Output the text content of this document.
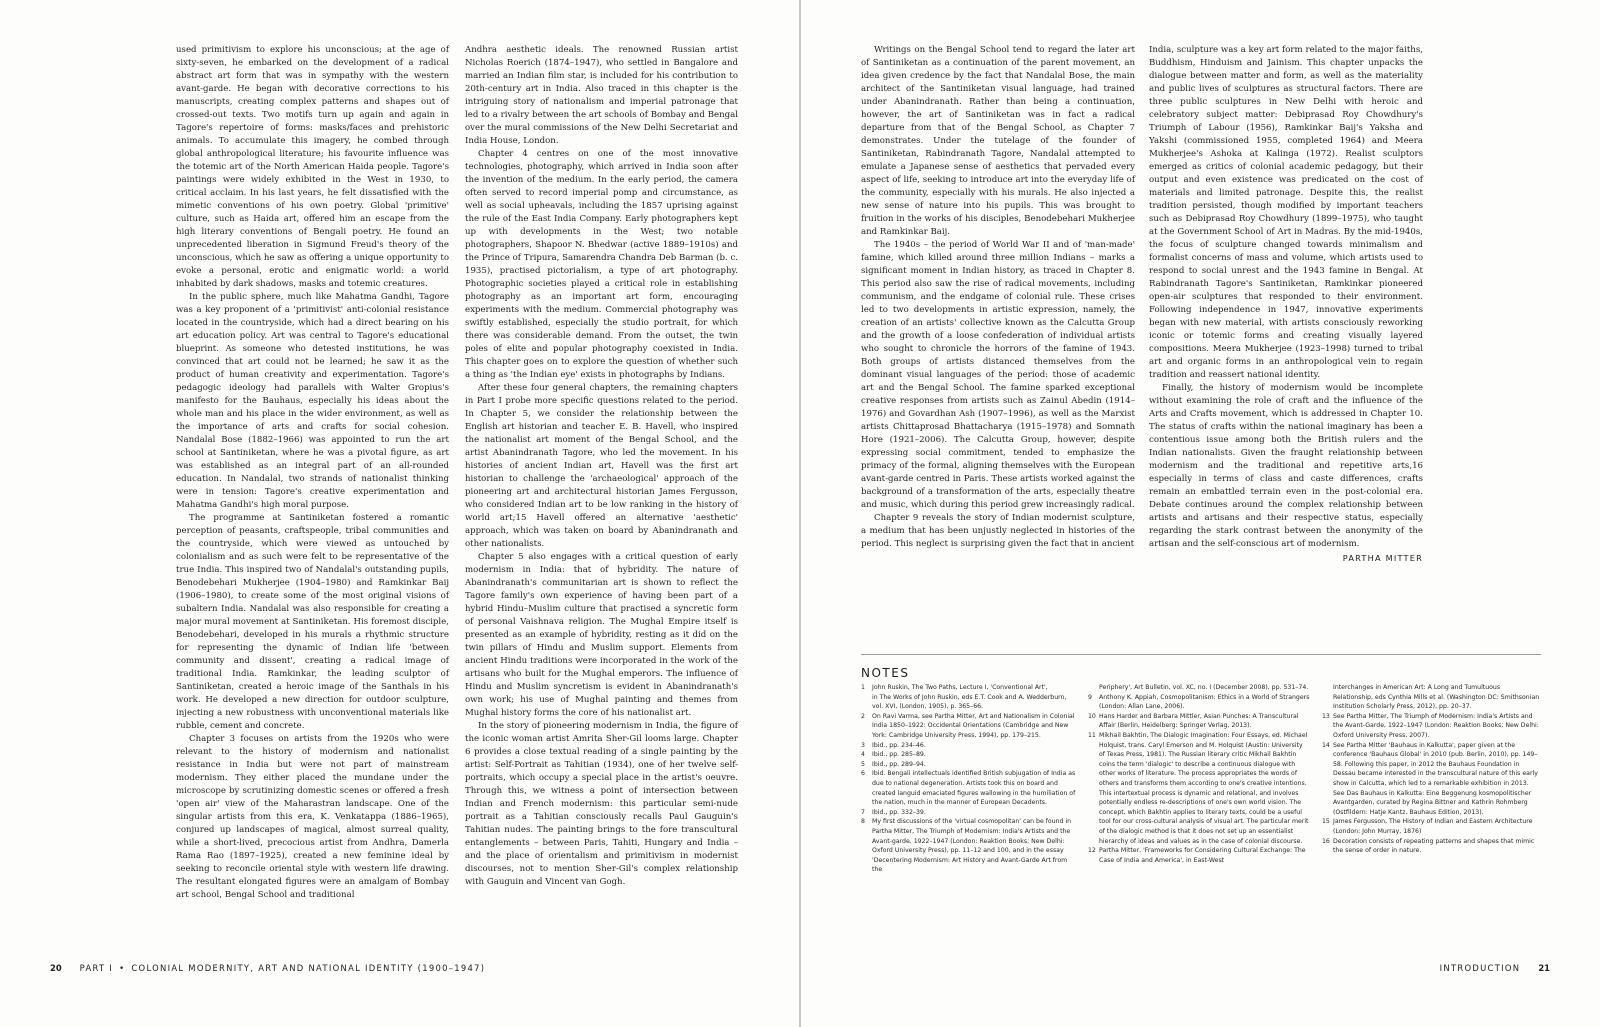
used primitivism to explore his unconscious; at the age of sixty-seven, he embarked on the development of a radical abstract art form that was in sympathy with the western avant-garde. He began with decorative corrections to his manuscripts, creating complex patterns and shapes out of crossed-out texts. Two motifs turn up again and again in Tagore's repertoire of forms: masks/faces and prehistoric animals. To accumulate this imagery, he combed through global anthropological literature; his favourite influence was the totemic art of the North American Haida people. Tagore's paintings were widely exhibited in the West in 1930, to critical acclaim. In his last years, he felt dissatisfied with the mimetic conventions of his own poetry. Global 'primitive' culture, such as Haida art, offered him an escape from the high literary conventions of Bengali poetry. He found an unprecedented liberation in Sigmund Freud's theory of the unconscious, which he saw as offering a unique opportunity to evoke a personal, erotic and enigmatic world: a world inhabited by dark shadows, masks and totemic creatures.

In the public sphere, much like Mahatma Gandhi, Tagore was a key proponent of a 'primitivist' anti-colonial resistance located in the countryside, which had a direct bearing on his art education policy. Art was central to Tagore's educational blueprint. As someone who detested institutions, he was convinced that art could not be learned; he saw it as the product of human creativity and experimentation. Tagore's pedagogic ideology had parallels with Walter Gropius's manifesto for the Bauhaus, especially his ideas about the whole man and his place in the wider environment, as well as the importance of arts and crafts for social cohesion. Nandalal Bose (1882–1966) was appointed to run the art school at Santiniketan, where he was a pivotal figure, as art was established as an integral part of an all-rounded education. In Nandalal, two strands of nationalist thinking were in tension: Tagore's creative experimentation and Mahatma Gandhi's high moral purpose.

The programme at Santiniketan fostered a romantic perception of peasants, craftspeople, tribal communities and the countryside, which were viewed as untouched by colonialism and as such were felt to be representative of the true India. This inspired two of Nandalal's outstanding pupils, Benodebehari Mukherjee (1904–1980) and Ramkinkar Baij (1906–1980), to create some of the most original visions of subaltern India. Nandalal was also responsible for creating a major mural movement at Santiniketan. His foremost disciple, Benodebehari, developed in his murals a rhythmic structure for representing the dynamic of Indian life 'between community and dissent', creating a radical image of traditional India. Ramkinkar, the leading sculptor of Santiniketan, created a heroic image of the Santhals in his work. He developed a new direction for outdoor sculpture, injecting a new robustness with unconventional materials like rubble, cement and concrete.

Chapter 3 focuses on artists from the 1920s who were relevant to the history of modernism and nationalist resistance in India but were not part of mainstream modernism. They either placed the mundane under the microscope by scrutinizing domestic scenes or offered a fresh 'open air' view of the Maharastran landscape. One of the singular artists from this era, K. Venkatappa (1886–1965), conjured up landscapes of magical, almost surreal quality, while a short-lived, precocious artist from Andhra, Damerla Rama Rao (1897–1925), created a new feminine ideal by seeking to reconcile oriental style with western life drawing. The resultant elongated figures were an amalgam of Bombay art school, Bengal School and traditional

Andhra aesthetic ideals. The renowned Russian artist Nicholas Roerich (1874–1947), who settled in Bangalore and married an Indian film star, is included for his contribution to 20th-century art in India. Also traced in this chapter is the intriguing story of nationalism and imperial patronage that led to a rivalry between the art schools of Bombay and Bengal over the mural commissions of the New Delhi Secretariat and India House, London.

Chapter 4 centres on one of the most innovative technologies, photography, which arrived in India soon after the invention of the medium. In the early period, the camera often served to record imperial pomp and circumstance, as well as social upheavals, including the 1857 uprising against the rule of the East India Company. Early photographers kept up with developments in the West; two notable photographers, Shapoor N. Bhedwar (active 1889–1910s) and the Prince of Tripura, Samarendra Chandra Deb Barman (b. c. 1935), practised pictorialism, a type of art photography. Photographic societies played a critical role in establishing photography as an important art form, encouraging experiments with the medium. Commercial photography was swiftly established, especially the studio portrait, for which there was considerable demand. From the outset, the twin poles of elite and popular photography coexisted in India. This chapter goes on to explore the question of whether such a thing as 'the Indian eye' exists in photographs by Indians.

After these four general chapters, the remaining chapters in Part I probe more specific questions related to the period. In Chapter 5, we consider the relationship between the English art historian and teacher E. B. Havell, who inspired the nationalist art moment of the Bengal School, and the artist Abanindranath Tagore, who led the movement. In his histories of ancient Indian art, Havell was the first art historian to challenge the 'archaeological' approach of the pioneering art and architectural historian James Fergusson, who considered Indian art to be low ranking in the history of world art;15 Havell offered an alternative 'aesthetic' approach, which was taken on board by Abanindranath and other nationalists.

Chapter 5 also engages with a critical question of early modernism in India: that of hybridity. The nature of Abanindranath's communitarian art is shown to reflect the Tagore family's own experience of having been part of a hybrid Hindu–Muslim culture that practised a syncretic form of personal Vaishnava religion. The Mughal Empire itself is presented as an example of hybridity, resting as it did on the twin pillars of Hindu and Muslim support. Elements from ancient Hindu traditions were incorporated in the work of the artisans who built for the Mughal emperors. The influence of Hindu and Muslim syncretism is evident in Abanindranath's own work; his use of Mughal painting and themes from Mughal history forms the core of his nationalist art.

In the story of pioneering modernism in India, the figure of the iconic woman artist Amrita Sher-Gil looms large. Chapter 6 provides a close textual reading of a single painting by the artist: Self-Portrait as Tahitian (1934), one of her twelve self-portraits, which occupy a special place in the artist's oeuvre. Through this, we witness a point of intersection between Indian and French modernism: this particular semi-nude portrait as a Tahitian consciously recalls Paul Gauguin's Tahitian nudes. The painting brings to the fore transcultural entanglements – between Paris, Tahiti, Hungary and India – and the place of orientalism and primitivism in modernist discourses, not to mention Sher-Gil's complex relationship with Gauguin and Vincent van Gogh.

20 PART I • COLONIAL MODERNITY, ART AND NATIONAL IDENTITY (1900–1947)

Writings on the Bengal School tend to regard the later art of Santiniketan as a continuation of the parent movement, an idea given credence by the fact that Nandalal Bose, the main architect of the Santiniketan visual language, had trained under Abanindranath. Rather than being a continuation, however, the art of Santiniketan was in fact a radical departure from that of the Bengal School, as Chapter 7 demonstrates. Under the tutelage of the founder of Santiniketan, Rabindranath Tagore, Nandalal attempted to emulate a Japanese sense of aesthetics that pervaded every aspect of life, seeking to introduce art into the everyday life of the community, especially with his murals. He also injected a new sense of nature into his pupils. This was brought to fruition in the works of his disciples, Benodebehari Mukherjee and Ramkinkar Baij.

The 1940s – the period of World War II and of 'man-made' famine, which killed around three million Indians – marks a significant moment in Indian history, as traced in Chapter 8. This period also saw the rise of radical movements, including communism, and the endgame of colonial rule. These crises led to two developments in artistic expression, namely, the creation of an artists' collective known as the Calcutta Group and the growth of a loose confederation of individual artists who sought to chronicle the horrors of the famine of 1943. Both groups of artists distanced themselves from the dominant visual languages of the period: those of academic art and the Bengal School. The famine sparked exceptional creative responses from artists such as Zainul Abedin (1914–1976) and Govardhan Ash (1907–1996), as well as the Marxist artists Chittaprosad Bhattacharya (1915–1978) and Somnath Hore (1921–2006). The Calcutta Group, however, despite expressing social commitment, tended to emphasize the primacy of the formal, aligning themselves with the European avant-garde centred in Paris. These artists worked against the background of a transformation of the arts, especially theatre and music, which during this period grew increasingly radical.

Chapter 9 reveals the story of Indian modernist sculpture, a medium that has been unjustly neglected in histories of the period. This neglect is surprising given the fact that in ancient

India, sculpture was a key art form related to the major faiths, Buddhism, Hinduism and Jainism. This chapter unpacks the dialogue between matter and form, as well as the materiality and public lives of sculptures as structural factors. There are three public sculptures in New Delhi with heroic and celebratory subject matter: Debiprasad Roy Chowdhury's Triumph of Labour (1956), Ramkinkar Baij's Yaksha and Yakshi (commissioned 1955, completed 1964) and Meera Mukherjee's Ashoka at Kalinga (1972). Realist sculptors emerged as critics of colonial academic pedagogy, but their output and even existence was predicated on the cost of materials and limited patronage. Despite this, the realist tradition persisted, though modified by important teachers such as Debiprasad Roy Chowdhury (1899–1975), who taught at the Government School of Art in Madras. By the mid-1940s, the focus of sculpture changed towards minimalism and formalist concerns of mass and volume, which artists used to respond to social unrest and the 1943 famine in Bengal. At Rabindranath Tagore's Santiniketan, Ramkinkar pioneered open-air sculptures that responded to their environment. Following independence in 1947, innovative experiments began with new material, with artists consciously reworking iconic or totemic forms and creating visually layered compositions. Meera Mukherjee (1923–1998) turned to tribal art and organic forms in an anthropological vein to regain tradition and reassert national identity.

Finally, the history of modernism would be incomplete without examining the role of craft and the influence of the Arts and Crafts movement, which is addressed in Chapter 10. The status of crafts within the national imaginary has been a contentious issue among both the British rulers and the Indian nationalists. Given the fraught relationship between modernism and the traditional and repetitive arts,16 especially in terms of class and caste differences, crafts remain an embattled terrain even in the post-colonial era. Debate continues around the complex relationship between artists and artisans and their respective status, especially regarding the stark contrast between the anonymity of the artisan and the self-conscious art of modernism.

PARTHA MITTER
NOTES
1	John Ruskin, The Two Paths, Lecture I, 'Conventional Art',
in The Works of John Ruskin, eds E.T. Cook and A. Wedderburn, vol. XVI, (London, 1905), p. 365–66.
2	On Ravi Varma, see Partha Mitter, Art and Nationalism in Colonial India 1850–1922: Occidental Orientations (Cambridge and New York: Cambridge University Press, 1994), pp. 179–215.
3	Ibid., pp. 234–46.
4	Ibid., pp. 285–89.
5	Ibid., pp. 289–94.
6	Ibid. Bengali intellectuals identified British subjugation of India as due to national degeneration. Artists took this on board and created languid emaciated figures wallowing in the humiliation of the nation, much in the manner of European Decadents.
7	Ibid., pp. 332–39.
8	My first discussions of the 'virtual cosmopolitan' can be found in Partha Mitter, The Triumph of Modernism: India's Artists and the Avant-garde, 1922–1947 (London: Reaktion Books; New Delhi: Oxford University Press), pp. 11–12 and 100, and in the essay 'Decentering Modernism: Art History and Avant-Garde Art from the
Periphery', Art Bulletin, vol. XC, no. I (December 2008), pp. 531–74.
9	Anthony K. Appiah, Cosmopolitanism: Ethics in a World of Strangers (London: Allan Lane, 2006).
10 Hans Harder and Barbara Mittler, Asian Punches: A Transcultural Affair (Berlin, Heidelberg: Springer Verlag, 2013).
11 Mikhail Bakhtin, The Dialogic Imagination: Four Essays, ed. Michael Holquist, trans. Caryl Emerson and M. Holquist (Austin: University of Texas Press, 1981). The Russian literary critic Mikhail Bakhtin coins the term 'dialogic' to describe a continuous dialogue with other works of literature. The process appropriates the words of others and transforms them according to one's creative intentions. This intertextual process is dynamic and relational, and involves potentially endless re-descriptions of one's own world vision. The concept, which Bakhtin applies to literary texts, could be a useful tool for our cross-cultural analysis of visual art. The particular merit of the dialogic method is that it does not set up an essentialist hierarchy of ideas and values as in the case of colonial discourse.
12 Partha Mitter, 'Frameworks for Considering Cultural Exchange: The Case of India and America', in East-West
Interchanges in American Art: A Long and Tumultuous Relationship, eds Cynthia Mills et al. (Washington DC: Smithsonian Institution Scholarly Press, 2012), pp. 20–37.
13 See Partha Mitter, The Triumph of Modernism: India's Artists and the Avant-Garde, 1922–1947 (London: Reaktion Books; New Delhi: Oxford University Press, 2007).
14 See Partha Mitter 'Bauhaus in Kalkutta', paper given at the conference 'Bauhaus Global' in 2010 (pub. Berlin, 2010), pp. 149–58. Following this paper, in 2012 the Bauhaus Foundation in Dessau became interested in the transcultural nature of this early show in Calcutta, which led to a remarkable exhibition in 2013. See Das Bauhaus in Kalkutta: Eine Beggenung kosmopolitischer Avantgarden, curated by Regina Bittner and Kathrin Rohmberg (Ostfildern: Hatje Kantz, Bauhaus Edition, 2013).
15 James Fergusson, The History of Indian and Eastern Architecture (London: John Murray, 1876)
16 Decoration consists of repeating patterns and shapes that mimic the sense of order in nature.
INTRODUCTION 21
